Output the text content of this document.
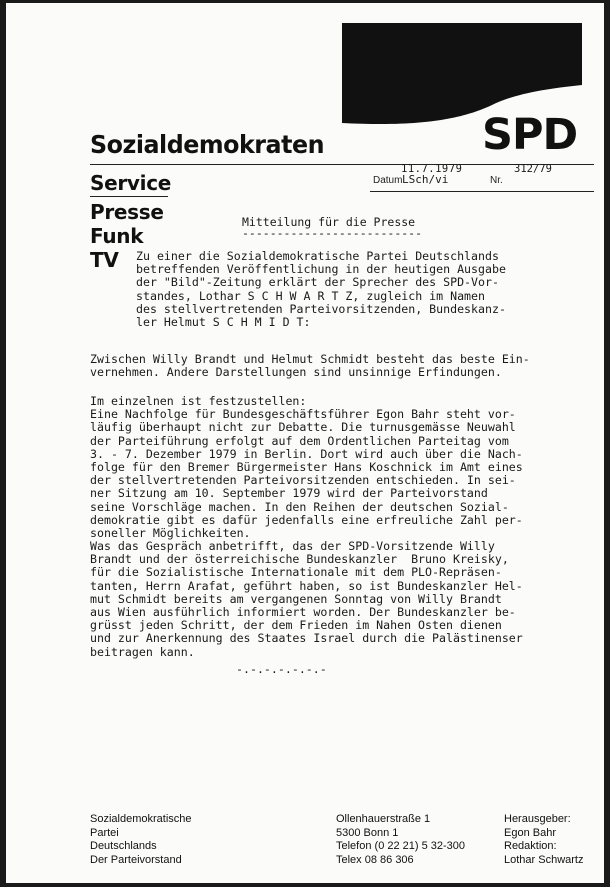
SPD
Sozialdemokraten
Service
Presse
Funk
TV
11.7.1979
Datum LSch/vi
312/79
Nr.
Mitteilung für die Presse
--------------------------
Zu einer die Sozialdemokratische Partei Deutschlands
betreffenden Veröffentlichung in der heutigen Ausgabe
der "Bild"-Zeitung erklärt der Sprecher des SPD-Vor-
standes, Lothar S C H W A R T Z, zugleich im Namen
des stellvertretenden Parteivorsitzenden, Bundeskanz-
ler Helmut S C H M I D T:
Zwischen Willy Brandt und Helmut Schmidt besteht das beste Ein-
vernehmen. Andere Darstellungen sind unsinnige Erfindungen.
Im einzelnen ist festzustellen:
Eine Nachfolge für Bundesgeschäftsführer Egon Bahr steht vor-
läufig überhaupt nicht zur Debatte. Die turnusgemässe Neuwahl
der Parteiführung erfolgt auf dem Ordentlichen Parteitag vom
3. - 7. Dezember 1979 in Berlin. Dort wird auch über die Nach-
folge für den Bremer Bürgermeister Hans Koschnick im Amt eines
der stellvertretenden Parteivorsitzenden entschieden. In sei-
ner Sitzung am 10. September 1979 wird der Parteivorstand
seine Vorschläge machen. In den Reihen der deutschen Sozial-
demokratie gibt es dafür jedenfalls eine erfreuliche Zahl per-
soneller Möglichkeiten.
Was das Gespräch anbetrifft, das der SPD-Vorsitzende Willy
Brandt und der österreichische Bundeskanzler  Bruno Kreisky,
für die Sozialistische Internationale mit dem PLO-Repräsen-
tanten, Herrn Arafat, geführt haben, so ist Bundeskanzler Hel-
mut Schmidt bereits am vergangenen Sonntag von Willy Brandt
aus Wien ausführlich informiert worden. Der Bundeskanzler be-
grüsst jeden Schritt, der dem Frieden im Nahen Osten dienen
und zur Anerkennung des Staates Israel durch die Palästinenser
beitragen kann.
-.-.-.-.-.-.-
Sozialdemokratische
Partei
Deutschlands
Der Parteivorstand
Ollenhauerstraße 1
5300 Bonn 1
Telefon (0 22 21) 5 32-300
Telex 08 86 306
Herausgeber:
Egon Bahr
Redaktion:
Lothar Schwartz
